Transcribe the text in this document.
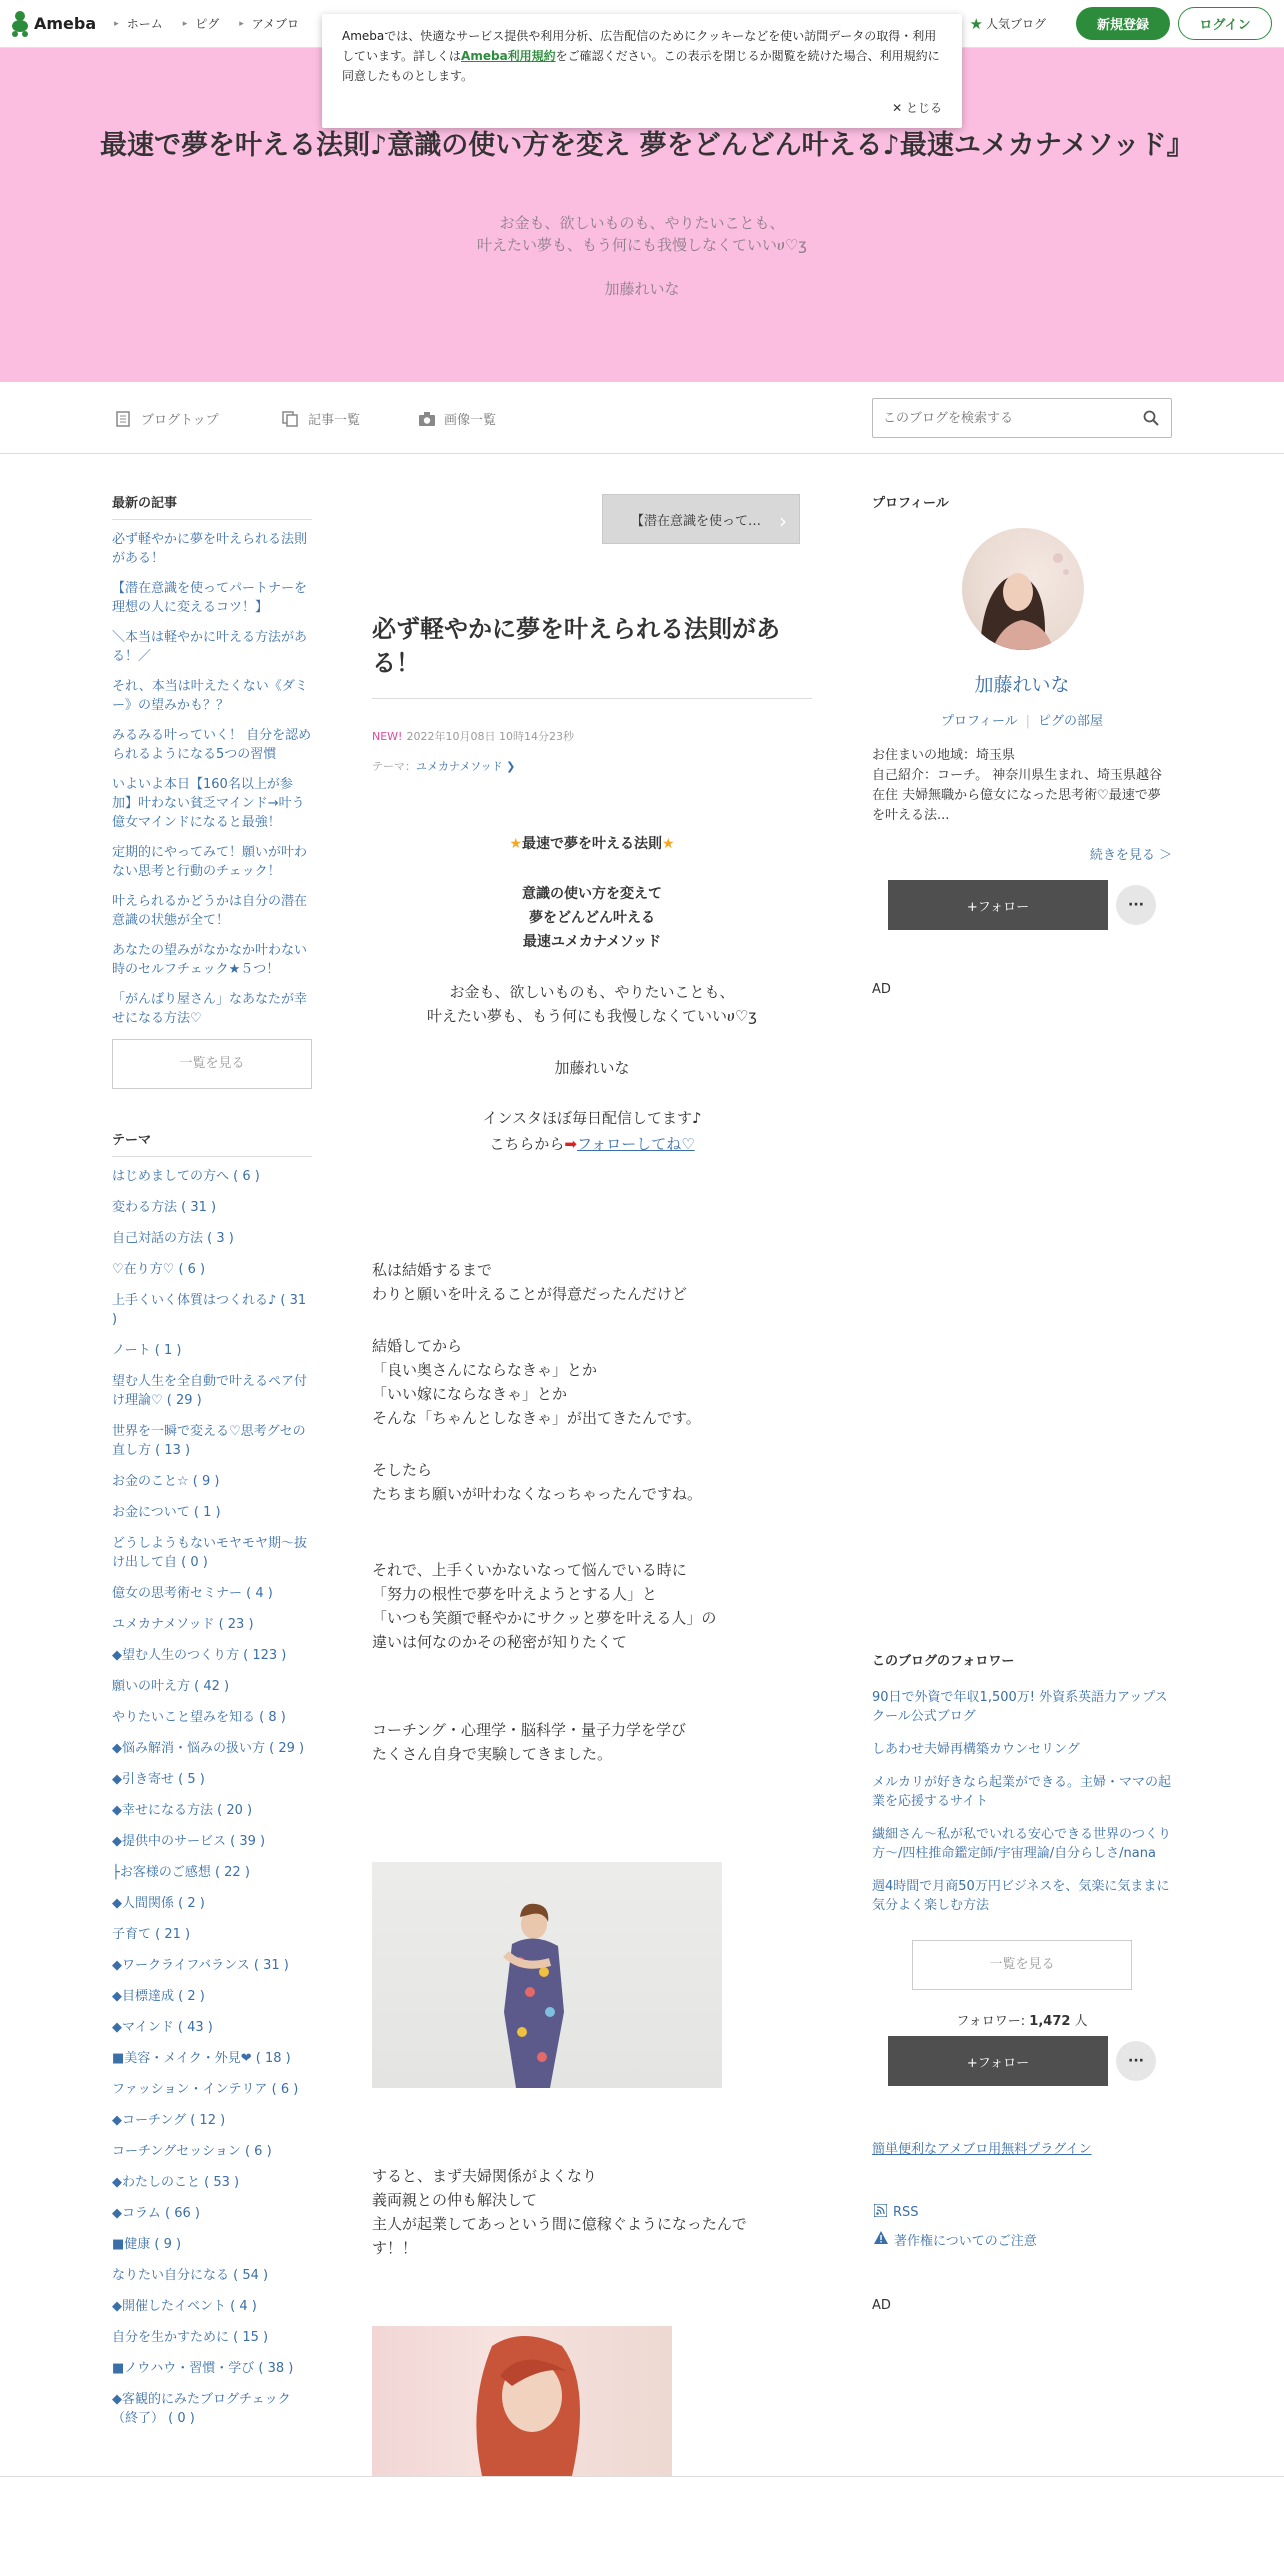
Ameba ▸ ホーム ▸ ピグ ▸ アメブロ	★ 人気ブログ	新規登録	ログイン
最速で夢を叶える法則♪意識の使い方を変え 夢をどんどん叶える♪最速ユメカナメソッド』
お金も、欲しいものも、やりたいことも、
叶えたい夢も、もう何にも我慢しなくていいሀ♡ӡ
加藤れいな
Amebaでは、快適なサービス提供や利用分析、広告配信のためにクッキーなどを使い訪問データの取得・利用しています。詳しくはAmeba利用規約をご確認ください。この表示を閉じるか閲覧を続けた場合、利用規約に同意したものとします。
✕ とじる
ブログトップ	記事一覧	画像一覧
このブログを検索する
最新の記事
必ず軽やかに夢を叶えられる法則がある！
【潜在意識を使ってパートナーを理想の人に変えるコツ！】
＼本当は軽やかに叶える方法がある！／
それ、本当は叶えたくない《ダミー》の望みかも？？
みるみる叶っていく！ 自分を認められるようになる5つの習慣
いよいよ本日【160名以上が参加】叶わない貧乏マインド→叶う億女マインドになると最強！
定期的にやってみて！願いが叶わない思考と行動のチェック！
叶えられるかどうかは自分の潜在意識の状態が全て！
あなたの望みがなかなか叶わない時のセルフチェック★５つ！
「がんばり屋さん」なあなたが幸せになる方法♡
一覧を見る
テーマ
はじめましての方へ ( 6 )
変わる方法 ( 31 )
自己対話の方法 ( 3 )
♡在り方♡ ( 6 )
上手くいく体質はつくれる♪ ( 31 )
ノート ( 1 )
望む人生を全自動で叶えるペア付け理論♡ ( 29 )
世界を一瞬で変える♡思考グセの直し方 ( 13 )
お金のこと☆ ( 9 )
お金について ( 1 )
どうしようもないモヤモヤ期〜抜け出して自 ( 0 )
億女の思考術セミナー ( 4 )
ユメカナメソッド ( 23 )
◆望む人生のつくり方 ( 123 )
願いの叶え方 ( 42 )
やりたいこと望みを知る ( 8 )
◆悩み解消・悩みの扱い方 ( 29 )
◆引き寄せ ( 5 )
◆幸せになる方法 ( 20 )
◆提供中のサービス ( 39 )
├お客様のご感想 ( 22 )
◆人間関係 ( 2 )
子育て ( 21 )
◆ワークライフバランス ( 31 )
◆目標達成 ( 2 )
◆マインド ( 43 )
■美容・メイク・外見❤ ( 18 )
ファッション・インテリア ( 6 )
◆コーチング ( 12 )
コーチングセッション ( 6 )
◆わたしのこと ( 53 )
◆コラム ( 66 )
■健康 ( 9 )
なりたい自分になる ( 54 )
◆開催したイベント ( 4 )
自分を生かすために ( 15 )
■ノウハウ・習慣・学び ( 38 )
◆客観的にみたブログチェック（終了） ( 0 )
【潜在意識を使って… ›
必ず軽やかに夢を叶えられる法則がある！
NEW! 2022年10月08日 10時14分23秒
テーマ：ユメカナメソッド ❯
★最速で夢を叶える法則★
意識の使い方を変えて
夢をどんどん叶える
最速ユメカナメソッド
お金も、欲しいものも、やりたいことも、
叶えたい夢も、もう何にも我慢しなくていいሀ♡ӡ
加藤れいな
インスタほぼ毎日配信してます♪
こちらから➡フォローしてね♡
私は結婚するまで
わりと願いを叶えることが得意だったんだけど
結婚してから
「良い奥さんにならなきゃ」とか
「いい嫁にならなきゃ」とか
そんな「ちゃんとしなきゃ」が出てきたんです。
そしたら
たちまち願いが叶わなくなっちゃったんですね。
それで、上手くいかないなって悩んでいる時に
「努力の根性で夢を叶えようとする人」と
「いつも笑顔で軽やかにサクッと夢を叶える人」の
違いは何なのかその秘密が知りたくて
コーチング・心理学・脳科学・量子力学を学び
たくさん自身で実験してきました。
すると、まず夫婦関係がよくなり
義両親との仲も解決して
主人が起業してあっという間に億稼ぐようになったんで
す！！
プロフィール
加藤れいな
プロフィール | ピグの部屋
お住まいの地域：埼玉県
自己紹介：コーチ。 神奈川県生まれ、埼玉県越谷在住 夫婦無職から億女になった思考術♡最速で夢を叶える法...
続きを見る ＞
+フォロー	···
AD
このブログのフォロワー
90日で外資で年収1,500万! 外資系英語力アップスクール公式ブログ
しあわせ夫婦再構築カウンセリング
メルカリが好きなら起業ができる。主婦・ママの起業を応援するサイト
繊細さん～私が私でいれる安心できる世界のつくり方〜/四柱推命鑑定師/宇宙理論/自分らしさ/nana
週4時間で月商50万円ビジネスを、気楽に気ままに気分よく楽しむ方法
一覧を見る
フォロワー: 1,472 人
+フォロー	···
簡単便利なアメブロ用無料プラグイン
RSS
著作権についてのご注意
AD
